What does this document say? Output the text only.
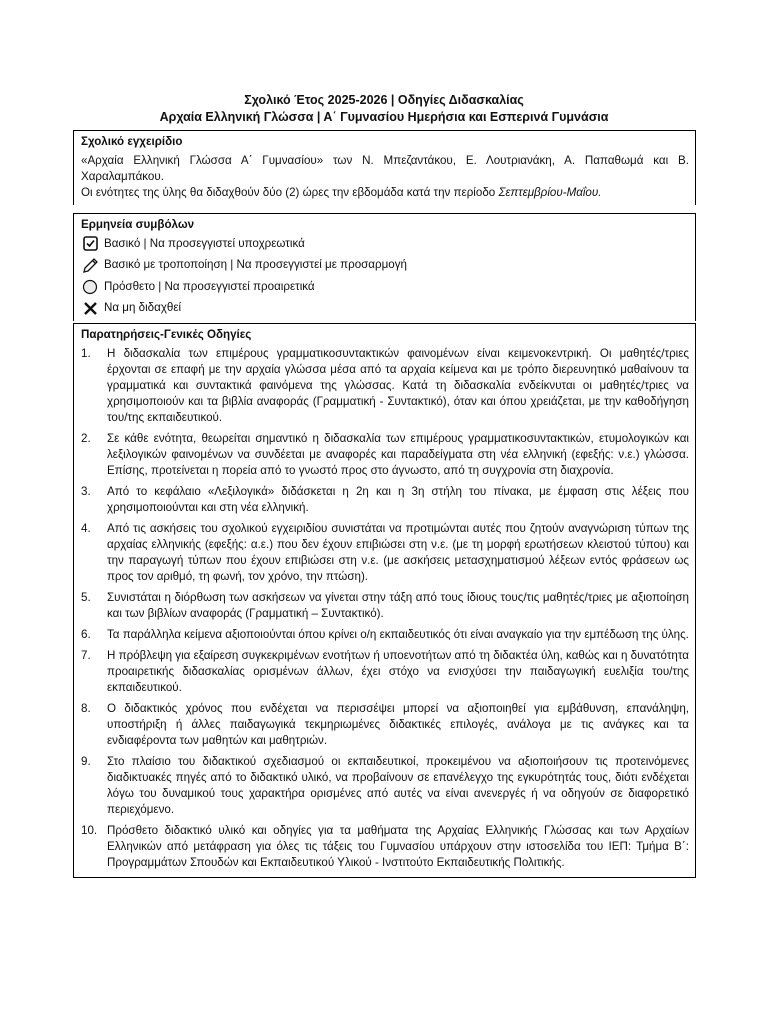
Σχολικό Έτος 2025-2026 | Οδηγίες Διδασκαλίας
Αρχαία Ελληνική Γλώσσα | Α΄ Γυμνασίου Ημερήσια και Εσπερινά Γυμνάσια
Σχολικό εγχειρίδιο
«Αρχαία Ελληνική Γλώσσα Α΄ Γυμνασίου» των Ν. Μπεζαντάκου, Ε. Λουτριανάκη, Α. Παπαθωμά και Β. Χαραλαμπάκου.
Οι ενότητες της ύλης θα διδαχθούν δύο (2) ώρες την εβδομάδα κατά την περίοδο Σεπτεμβρίου-Μαΐου.
Ερμηνεία συμβόλων
Βασικό | Να προσεγγιστεί υποχρεωτικά
Βασικό με τροποποίηση | Να προσεγγιστεί με προσαρμογή
Πρόσθετο | Να προσεγγιστεί προαιρετικά
Να μη διδαχθεί
Παρατηρήσεις-Γενικές Οδηγίες
1.	Η διδασκαλία των επιμέρους γραμματικοσυντακτικών φαινομένων είναι κειμενοκεντρική. Οι μαθητές/τριες έρχονται σε επαφή με την αρχαία γλώσσα μέσα από τα αρχαία κείμενα και με τρόπο διερευνητικό μαθαίνουν τα γραμματικά και συντακτικά φαινόμενα της γλώσσας. Κατά τη διδασκαλία ενδείκνυται οι μαθητές/τριες να χρησιμοποιούν και τα βιβλία αναφοράς (Γραμματική - Συντακτικό), όταν και όπου χρειάζεται, με την καθοδήγηση του/της εκπαιδευτικού.
2.	Σε κάθε ενότητα, θεωρείται σημαντικό η διδασκαλία των επιμέρους γραμματικοσυντακτικών, ετυμολογικών και λεξιλογικών φαινομένων να συνδέεται με αναφορές και παραδείγματα στη νέα ελληνική (εφεξής: ν.ε.) γλώσσα. Επίσης, προτείνεται η πορεία από το γνωστό προς στο άγνωστο, από τη συγχρονία στη διαχρονία.
3.	Από το κεφάλαιο «Λεξιλογικά» διδάσκεται η 2η και η 3η στήλη του πίνακα, με έμφαση στις λέξεις που χρησιμοποιούνται και στη νέα ελληνική.
4.	Από τις ασκήσεις του σχολικού εγχειριδίου συνιστάται να προτιμώνται αυτές που ζητούν αναγνώριση τύπων της αρχαίας ελληνικής (εφεξής: α.ε.) που δεν έχουν επιβιώσει στη ν.ε. (με τη μορφή ερωτήσεων κλειστού τύπου) και την παραγωγή τύπων που έχουν επιβιώσει στη ν.ε. (με ασκήσεις μετασχηματισμού λέξεων εντός φράσεων ως προς τον αριθμό, τη φωνή, τον χρόνο, την πτώση).
5.	Συνιστάται η διόρθωση των ασκήσεων να γίνεται στην τάξη από τους ίδιους τους/τις μαθητές/τριες με αξιοποίηση και των βιβλίων αναφοράς (Γραμματική – Συντακτικό).
6.	Τα παράλληλα κείμενα αξιοποιούνται όπου κρίνει ο/η εκπαιδευτικός ότι είναι αναγκαίο για την εμπέδωση της ύλης.
7.	Η πρόβλεψη για εξαίρεση συγκεκριμένων ενοτήτων ή υποενοτήτων από τη διδακτέα ύλη, καθώς και η δυνατότητα προαιρετικής διδασκαλίας ορισμένων άλλων, έχει στόχο να ενισχύσει την παιδαγωγική ευελιξία του/της εκπαιδευτικού.
8.	Ο διδακτικός χρόνος που ενδέχεται να περισσέψει μπορεί να αξιοποιηθεί για εμβάθυνση, επανάληψη, υποστήριξη ή άλλες παιδαγωγικά τεκμηριωμένες διδακτικές επιλογές, ανάλογα με τις ανάγκες και τα ενδιαφέροντα των μαθητών και μαθητριών.
9.	Στο πλαίσιο του διδακτικού σχεδιασμού οι εκπαιδευτικοί, προκειμένου να αξιοποιήσουν τις προτεινόμενες διαδικτυακές πηγές από το διδακτικό υλικό, να προβαίνουν σε επανέλεγχο της εγκυρότητάς τους, διότι ενδέχεται λόγω του δυναμικού τους χαρακτήρα ορισμένες από αυτές να είναι ανενεργές ή να οδηγούν σε διαφορετικό περιεχόμενο.
10. Πρόσθετο διδακτικό υλικό και οδηγίες για τα μαθήματα της Αρχαίας Ελληνικής Γλώσσας και των Αρχαίων Ελληνικών από μετάφραση για όλες τις τάξεις του Γυμνασίου υπάρχουν στην ιστοσελίδα του ΙΕΠ: Τμήμα Β΄: Προγραμμάτων Σπουδών και Εκπαιδευτικού Υλικού - Ινστιτούτο Εκπαιδευτικής Πολιτικής.
